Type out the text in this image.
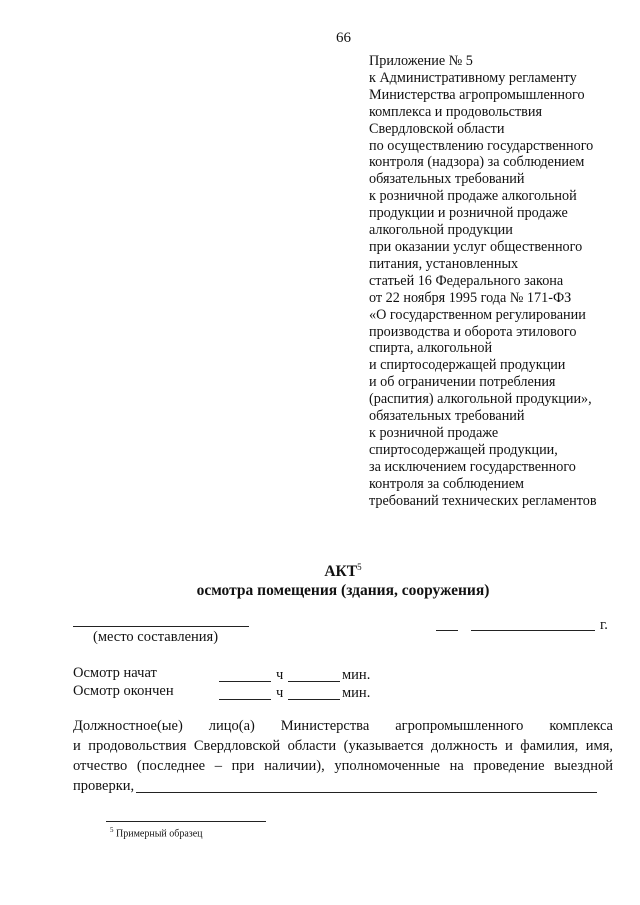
66
Приложение № 5
к Административному регламенту
Министерства агропромышленного
комплекса и продовольствия
Свердловской области
по осуществлению государственного
контроля (надзора) за соблюдением
обязательных требований
к розничной продаже алкогольной
продукции и розничной продаже
алкогольной продукции
при оказании услуг общественного
питания, установленных
статьей 16 Федерального закона
от 22 ноября 1995 года № 171-ФЗ
«О государственном регулировании
производства и оборота этилового
спирта, алкогольной
и спиртосодержащей продукции
и об ограничении потребления
(распития) алкогольной продукции»,
обязательных требований
к розничной продаже
спиртосодержащей продукции,
за исключением государственного
контроля за соблюдением
требований технических регламентов
АКТ$^5$
осмотра помещения (здания, сооружения)
(место составления)
г.
Осмотр начат	ч	мин.
Осмотр окончен	ч	мин.
Должностное(ые) лицо(а) Министерства агропромышленного комплекса
и продовольствия Свердловской области (указывается должность и фамилия, имя,
отчество (последнее – при наличии), уполномоченные на проведение выездной
проверки,
$^5$ Примерный образец
